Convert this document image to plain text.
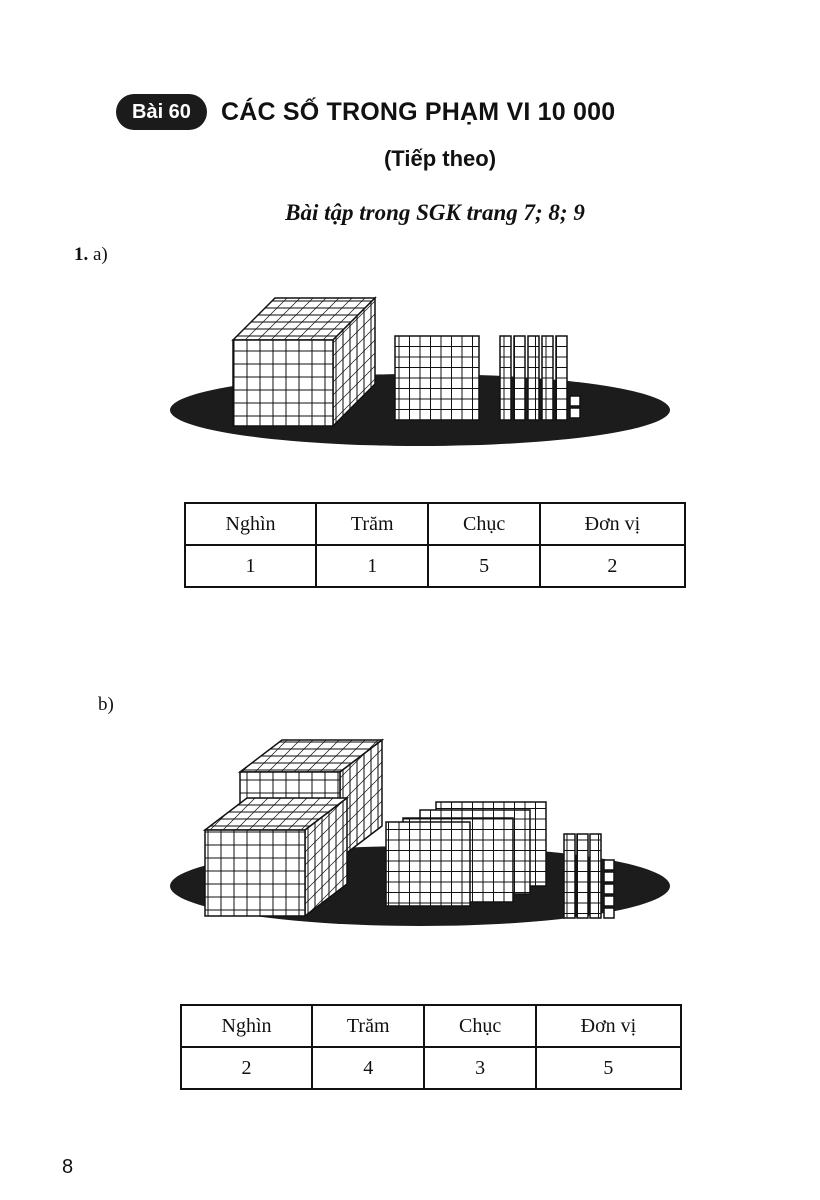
Bài 60	CÁC SỐ TRONG PHẠM VI 10 000
(Tiếp theo)
Bài tập trong SGK trang 7; 8; 9
1. a)
Nghìn	Trăm	Chục	Đơn vị
1	1	5	2
b)
Nghìn	Trăm	Chục	Đơn vị
2	4	3	5
8
